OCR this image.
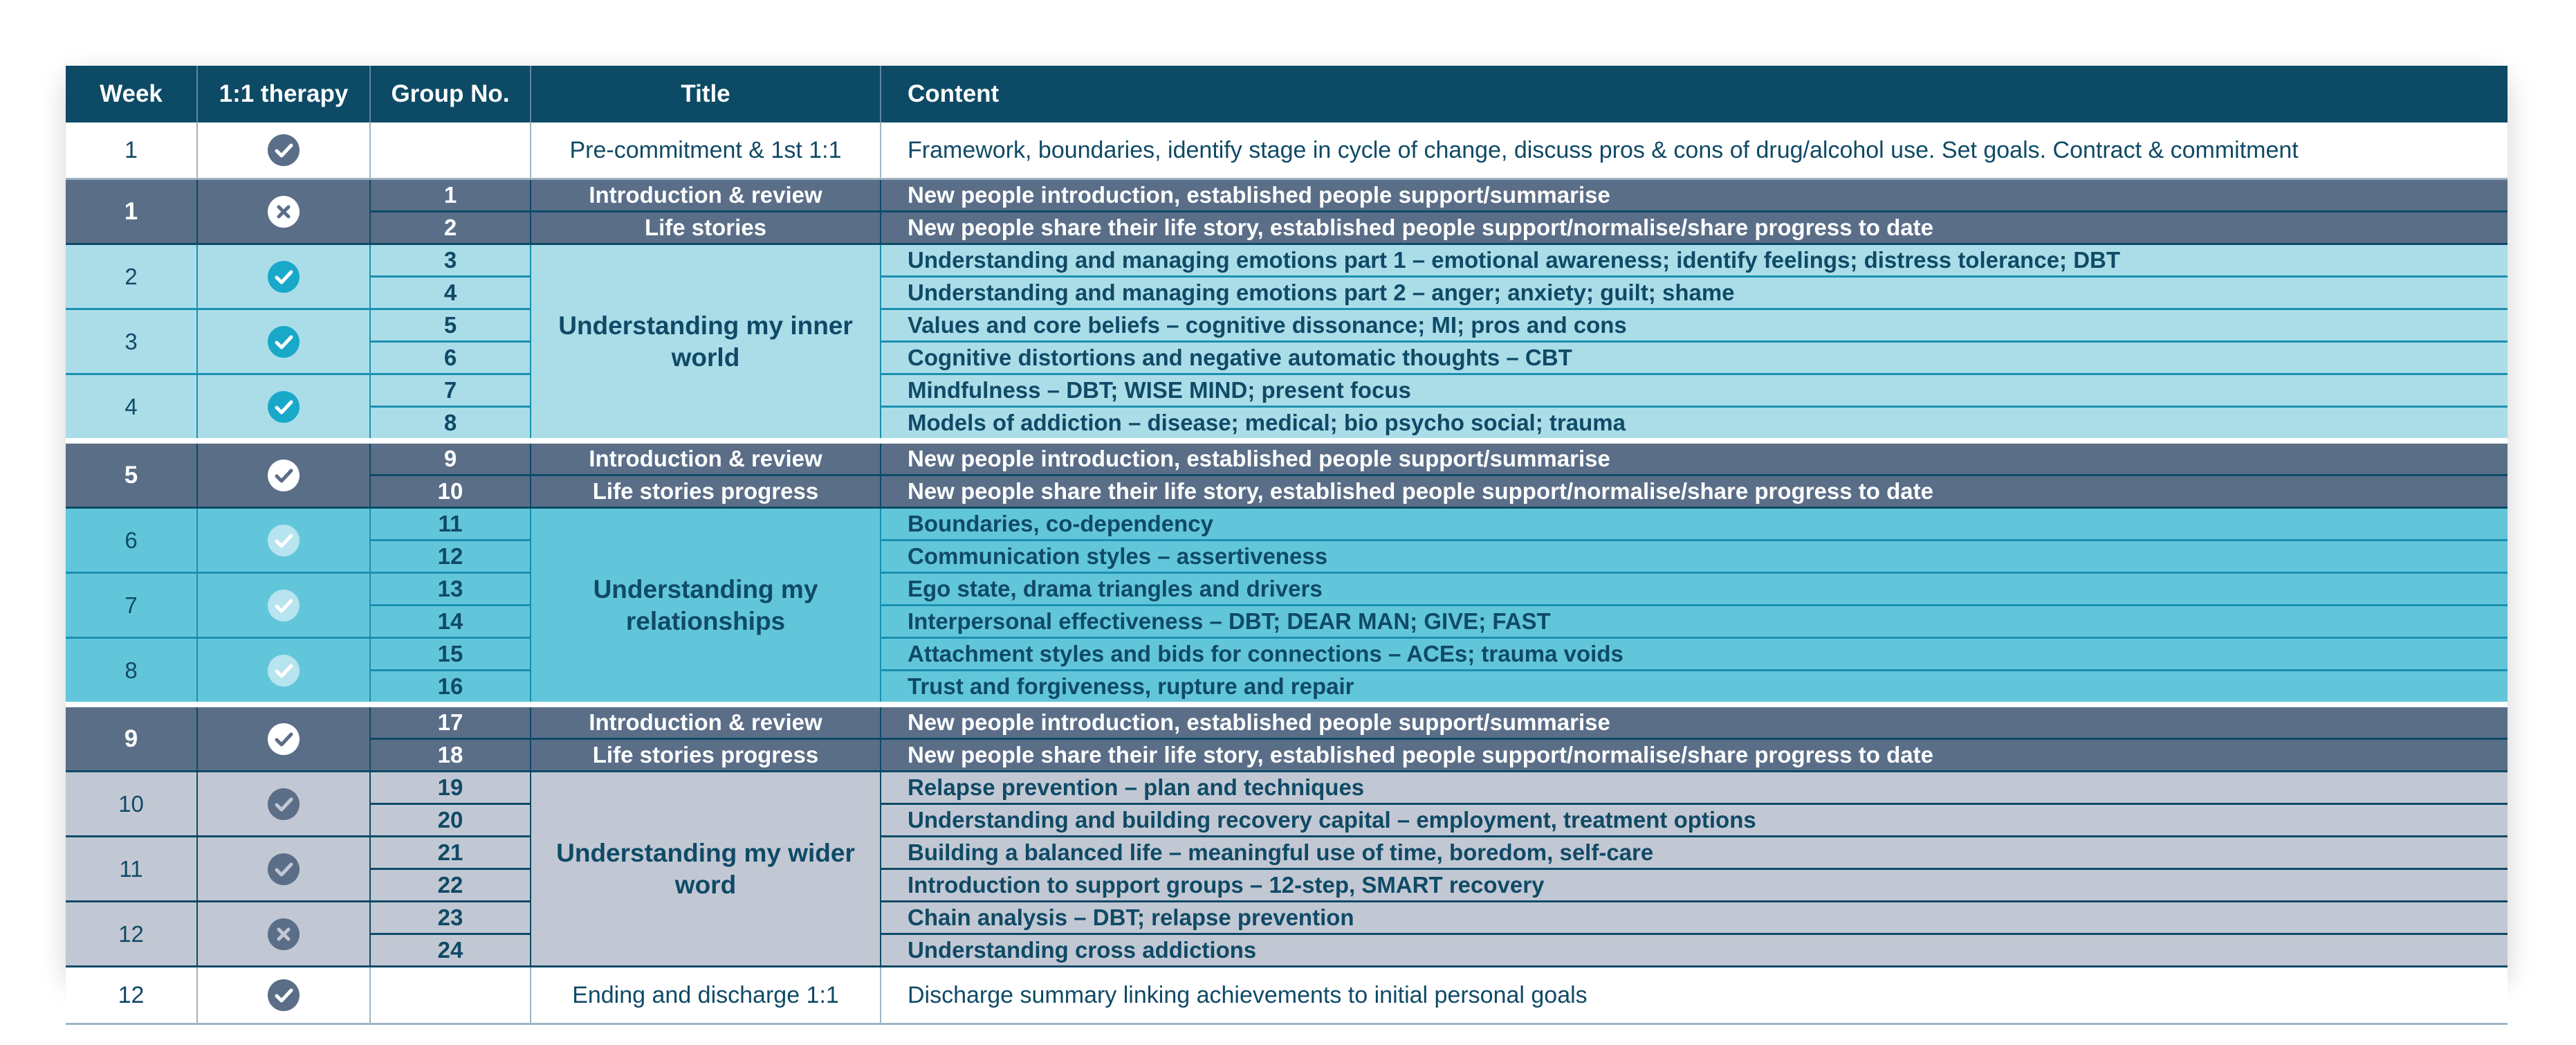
Week	1:1 therapy	Group No.	Title	Content
1			Pre-commitment & 1st 1:1	Framework, boundaries, identify stage in cycle of change, discuss pros & cons of drug/alcohol use. Set goals. Contract & commitment
1		1	Introduction & review	New people introduction, established people support/summarise
		2	Life stories	New people share their life story, established people support/normalise/share progress to date
2		3	Understanding my inner world	Understanding and managing emotions part 1 – emotional awareness; identify feelings; distress tolerance; DBT
		4		Understanding and managing emotions part 2 – anger; anxiety; guilt; shame
3		5		Values and core beliefs – cognitive dissonance; MI; pros and cons
		6		Cognitive distortions and negative automatic thoughts – CBT
4		7		Mindfulness – DBT; WISE MIND; present focus
		8		Models of addiction – disease; medical; bio psycho social; trauma
5		9	Introduction & review	New people introduction, established people support/summarise
		10	Life stories progress	New people share their life story, established people support/normalise/share progress to date
6		11	Understanding my relationships	Boundaries, co-dependency
		12		Communication styles – assertiveness
7		13		Ego state, drama triangles and drivers
		14		Interpersonal effectiveness – DBT; DEAR MAN; GIVE; FAST
8		15		Attachment styles and bids for connections – ACEs; trauma voids
		16		Trust and forgiveness, rupture and repair
9		17	Introduction & review	New people introduction, established people support/summarise
		18	Life stories progress	New people share their life story, established people support/normalise/share progress to date
10		19	Understanding my wider word	Relapse prevention – plan and techniques
		20		Understanding and building recovery capital – employment, treatment options
11		21		Building a balanced life – meaningful use of time, boredom, self-care
		22		Introduction to support groups – 12-step, SMART recovery
12		23		Chain analysis – DBT; relapse prevention
		24		Understanding cross addictions
12			Ending and discharge 1:1	Discharge summary linking achievements to initial personal goals
